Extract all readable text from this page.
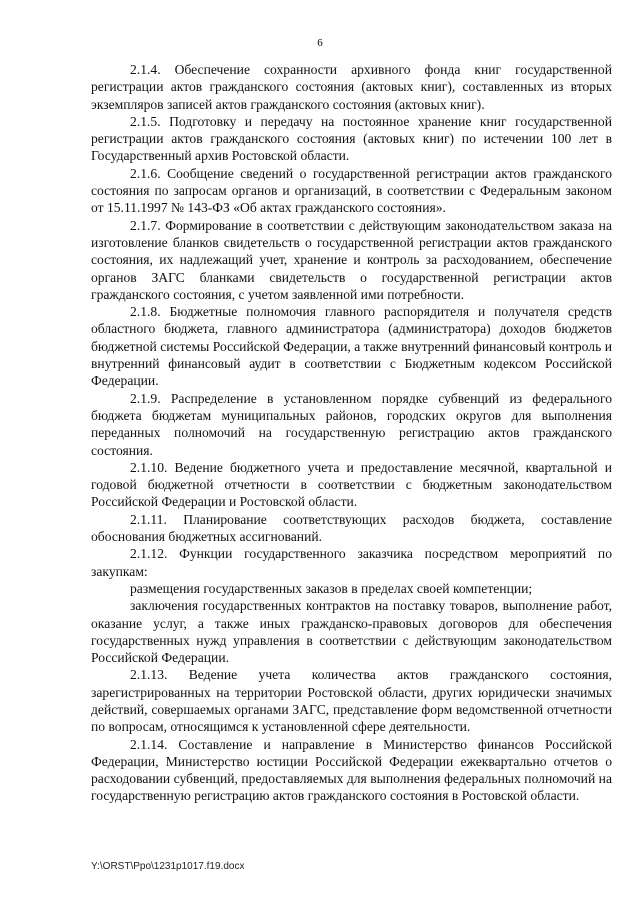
6

2.1.4. Обеспечение сохранности архивного фонда книг государственной регистрации актов гражданского состояния (актовых книг), составленных из вторых экземпляров записей актов гражданского состояния (актовых книг).

2.1.5. Подготовку и передачу на постоянное хранение книг государственной регистрации актов гражданского состояния (актовых книг) по истечении 100 лет в Государственный архив Ростовской области.

2.1.6. Сообщение сведений о государственной регистрации актов гражданского состояния по запросам органов и организаций, в соответствии с Федеральным законом от 15.11.1997 № 143-ФЗ «Об актах гражданского состояния».

2.1.7. Формирование в соответствии с действующим законодательством заказа на изготовление бланков свидетельств о государственной регистрации актов гражданского состояния, их надлежащий учет, хранение и контроль за расходованием, обеспечение органов ЗАГС бланками свидетельств о государственной регистрации актов гражданского состояния, с учетом заявленной ими потребности.

2.1.8. Бюджетные полномочия главного распорядителя и получателя средств областного бюджета, главного администратора (администратора) доходов бюджетов бюджетной системы Российской Федерации, а также внутренний финансовый контроль и внутренний финансовый аудит в соответствии с Бюджетным кодексом Российской Федерации.

2.1.9. Распределение в установленном порядке субвенций из федерального бюджета бюджетам муниципальных районов, городских округов для выполнения переданных полномочий на государственную регистрацию актов гражданского состояния.

2.1.10. Ведение бюджетного учета и предоставление месячной, квартальной и годовой бюджетной отчетности в соответствии с бюджетным законодательством Российской Федерации и Ростовской области.

2.1.11. Планирование соответствующих расходов бюджета, составление обоснования бюджетных ассигнований.

2.1.12. Функции государственного заказчика посредством мероприятий по закупкам:

размещения государственных заказов в пределах своей компетенции;

заключения государственных контрактов на поставку товаров, выполнение работ, оказание услуг, а также иных гражданско-правовых договоров для обеспечения государственных нужд управления в соответствии с действующим законодательством Российской Федерации.

2.1.13. Ведение учета количества актов гражданского состояния, зарегистрированных на территории Ростовской области, других юридически значимых действий, совершаемых органами ЗАГС, представление форм ведомственной отчетности по вопросам, относящимся к установленной сфере деятельности.

2.1.14. Составление и направление в Министерство финансов Российской Федерации, Министерство юстиции Российской Федерации ежеквартально отчетов о расходовании субвенций, предоставляемых для выполнения федеральных полномочий на государственную регистрацию актов гражданского состояния в Ростовской области.

Y:\ORST\Ppo\1231p1017.f19.docx
